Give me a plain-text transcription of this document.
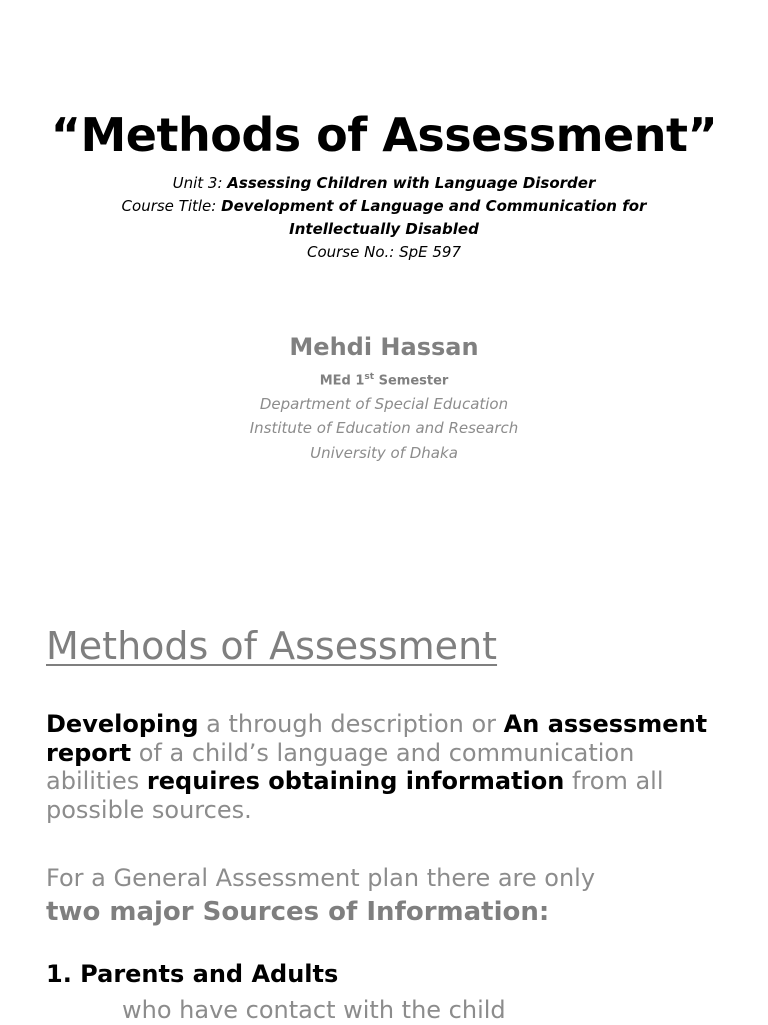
“Methods of Assessment”
Unit 3: Assessing Children with Language Disorder
Course Title: Development of Language and Communication for
Intellectually Disabled
Course No.: SpE 597
Mehdi Hassan
MEd 1st Semester
Department of Special Education
Institute of Education and Research
University of Dhaka
Methods of Assessment
Developing a through description or An assessment report of a child’s language and communication abilities requires obtaining information from all possible sources.
For a General Assessment plan there are only
two major Sources of Information:
1. Parents and Adults
who have contact with the child
